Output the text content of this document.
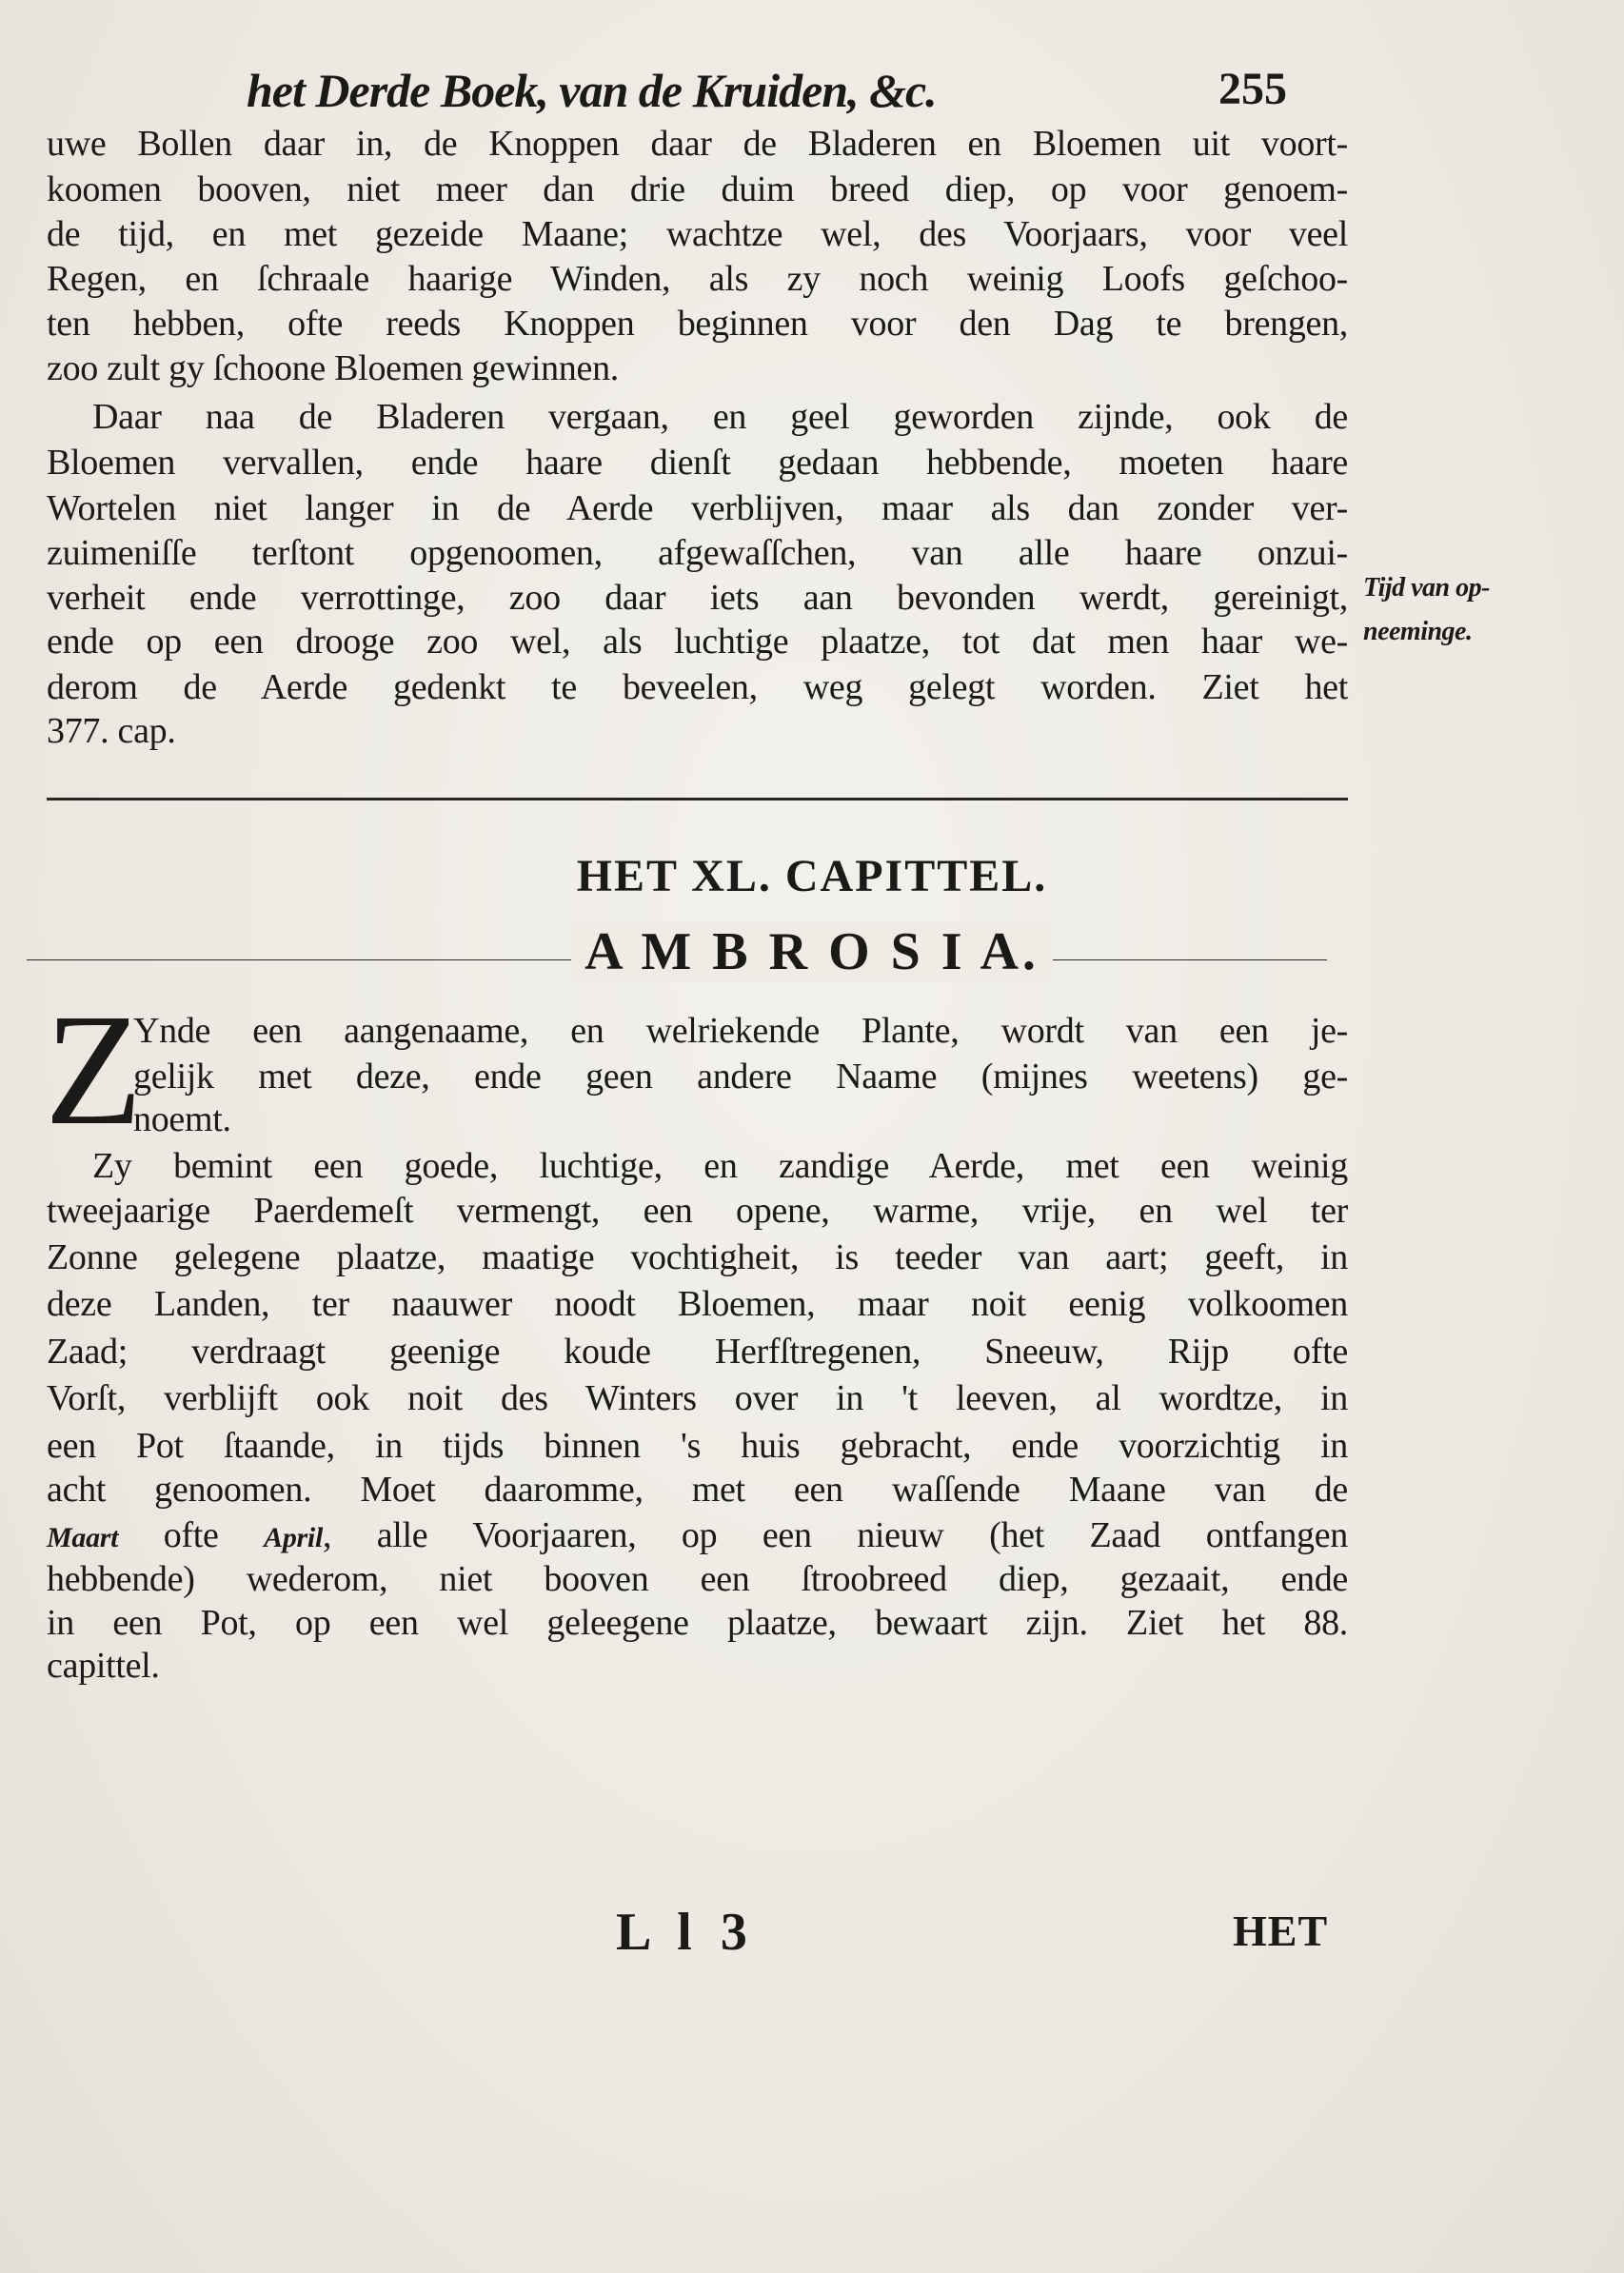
het Derde Boek, van de Kruiden, &c.	255
uwe Bollen daar in, de Knoppen daar de Bladeren en Bloemen uit voort-
koomen booven, niet meer dan drie duim breed diep, op voor genoem-
de tijd, en met gezeide Maane; wachtze wel, des Voorjaars, voor veel
Regen, en ſchraale haarige Winden, als zy noch weinig Loofs geſchoo-
ten hebben, ofte reeds Knoppen beginnen voor den Dag te brengen,
zoo zult gy ſchoone Bloemen gewinnen.
Daar naa de Bladeren vergaan, en geel geworden zijnde, ook de
Bloemen vervallen, ende haare dienſt gedaan hebbende, moeten haare
Wortelen niet langer in de Aerde verblijven, maar als dan zonder ver-
zuimeniſſe terſtont opgenoomen, afgewaſſchen, van alle haare onzui-
verheit ende verrottinge, zoo daar iets aan bevonden werdt, gereinigt,
ende op een drooge zoo wel, als luchtige plaatze, tot dat men haar we-
derom de Aerde gedenkt te beveelen, weg gelegt worden. Ziet het
377. cap.
Tijd van op-
neeminge.
HET XL. CAPITTEL.
A M B R O S I A.
Z
Ynde een aangenaame, en welriekende Plante, wordt van een je-
gelijk met deze, ende geen andere Naame (mijnes weetens) ge-
noemt.
Zy bemint een goede, luchtige, en zandige Aerde, met een weinig
tweejaarige Paerdemeſt vermengt, een opene, warme, vrije, en wel ter
Zonne gelegene plaatze, maatige vochtigheit, is teeder van aart; geeft, in
deze Landen, ter naauwer noodt Bloemen, maar noit eenig volkoomen
Zaad; verdraagt geenige koude Herfſtregenen, Sneeuw, Rijp ofte
Vorſt, verblijft ook noit des Winters over in 't leeven, al wordtze, in
een Pot ſtaande, in tijds binnen 's huis gebracht, ende voorzichtig in
acht genoomen. Moet daaromme, met een waſſende Maane van de
Maart ofte April, alle Voorjaaren, op een nieuw (het Zaad ontfangen
hebbende) wederom, niet booven een ſtroobreed diep, gezaait, ende
in een Pot, op een wel geleegene plaatze, bewaart zijn. Ziet het 88.
capittel.
L l 3	HET
